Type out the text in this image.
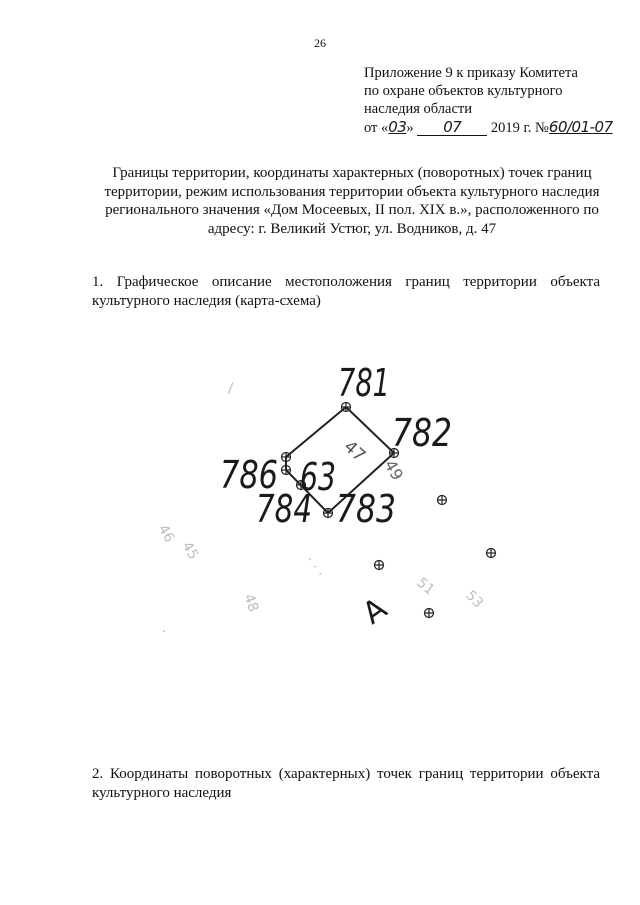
26
Приложение 9 к приказу Комитета
по охране объектов культурного
наследия области
от «03» 07 2019 г. №60/01-07
Границы территории, координаты характерных (поворотных) точек границ территории, режим использования территории объекта культурного наследия регионального значения «Дом Мосеевых, II пол. XIX в.», расположенного по адресу: г. Великий Устюг, ул. Водников, д. 47
1. Графическое описание местоположения границ территории объекта культурного наследия (карта-схема)
\
46
45
48
51
53
. . .
.
47
49
781
782
783
784
786 63
А
2. Координаты поворотных (характерных) точек границ территории объекта культурного наследия
